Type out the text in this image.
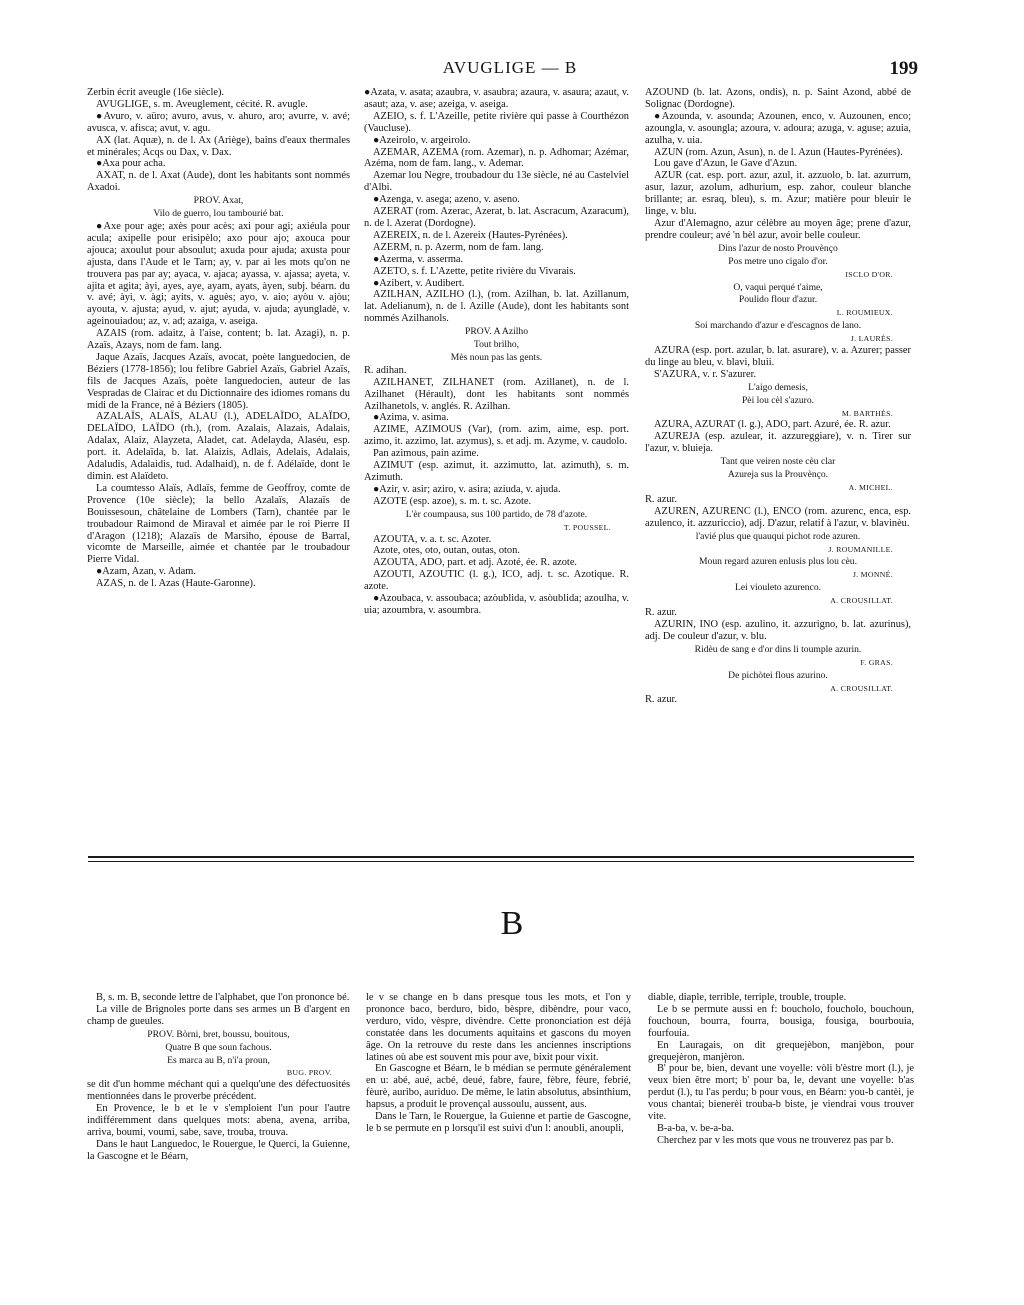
AVUGLIGE — B	199

Zerbin écrit aveugle (16e siècle).

AVUGLIGE, s. m. Aveuglement, cécité. R. avugle.

●Avuro, v. aüro; avuro, avus, v. ahuro, aro; avurre, v. avé; avusca, v. afisca; avut, v. agu.

AX (lat. Aquæ), n. de l. Ax (Ariège), bains d'eaux thermales et minérales; Acqs ou Dax, v. Dax.

●Axa pour acha.

AXAT, n. de l. Axat (Aude), dont les habitants sont nommés Axadoi.

PROV. Axat,

Vilo de guerro, lou tambourié bat.

●Axe pour age; axès pour acès; axi pour agi; axiéula pour acula; axipelle pour erisipèlo; axo pour ajo; axouca pour ajouca; axoulut pour absoulut; axuda pour ajuda; axusta pour ajusta, dans l'Aude et le Tarn; ay, v. par ai les mots qu'on ne trouvera pas par ay; ayaca, v. ajaca; ayassa, v. ajassa; ayeta, v. ajita et agita; àyi, ayes, aye, ayam, ayats, àyen, subj. béarn. du v. avé; àyi, v. àgi; ayits, v. aguès; ayo, v. aio; ayòu v. ajòu; ayouta, v. ajusta; ayud, v. ajut; ayuda, v. ajuda; ayungladè, v. ageinouiadou; az, v. ad; azaiga, v. aseiga.

AZAIS (rom. adaitz, à l'aise, content; b. lat. Azagi), n. p. Azaïs, Azays, nom de fam. lang.

Jaque Azaïs, Jacques Azaïs, avocat, poète languedocien, de Béziers (1778-1856); lou felibre Gabriel Azaïs, Gabriel Azaïs, fils de Jacques Azaïs, poète languedocien, auteur de las Vespradas de Clairac et du Dictionnaire des idiomes romans du midi de la France, né à Béziers (1805).

AZALAÏS, ALAÏS, ALAU (l.), ADELAÏDO, ALAÏDO, DELAÏDO, LAÏDO (rh.), (rom. Azalais, Alazais, Adalais, Adalax, Alaiz, Alayzeta, Aladet, cat. Adelayda, Alaséu, esp. port. it. Adelaïda, b. lat. Alaizis, Adlais, Adelais, Adalais, Adaludis, Adalaidis, tud. Adalhaid), n. de f. Adélaïde, dont le dimin. est Alaïdeto.

La coumtesso Alaïs, Adlaïs, femme de Geoffroy, comte de Provence (10e siècle); la bello Azalaïs, Alazaïs de Bouissesoun, châtelaine de Lombers (Tarn), chantée par le troubadour Raimond de Miraval et aimée par le roi Pierre II d'Aragon (1218); Alazaïs de Marsiho, épouse de Barral, vicomte de Marseille, aimée et chantée par le troubadour Pierre Vidal.

●Azam, Azan, v. Adam.

AZAS, n. de l. Azas (Haute-Garonne).

●Azata, v. asata; azaubra, v. asaubra; azaura, v. asaura; azaut, v. asaut; aza, v. ase; azeiga, v. aseiga.

AZEIO, s. f. L'Azeille, petite rivière qui passe à Courthézon (Vaucluse).

●Azeirolo, v. argeirolo.

AZEMAR, AZEMA (rom. Azemar), n. p. Adhomar; Azémar, Azéma, nom de fam. lang., v. Ademar.

Azemar lou Negre, troubadour du 13e siècle, né au Castelviel d'Albi.

●Azenga, v. asega; azeno, v. aseno.

AZERAT (rom. Azerac, Azerat, b. lat. Ascracum, Azaracum), n. de l. Azerat (Dordogne).

AZEREIX, n. de l. Azereix (Hautes-Pyrénées).

AZERM, n. p. Azerm, nom de fam. lang.

●Azerma, v. asserma.

AZETO, s. f. L'Azette, petite rivière du Vivarais.

●Azibert, v. Audibert.

AZILHAN, AZILHO (l.), (rom. Azilhan, b. lat. Azillanum, lat. Adelianum), n. de l. Azille (Aude), dont les habitants sont nommés Azilhanols.

PROV. A Azilho

Tout brilho,

Mès noun pas las gents.

R. adihan.

AZILHANET, ZILHANET (rom. Azillanet), n. de l. Azilhanet (Hérault), dont les habitants sont nommés Azilhanetols, v. anglés. R. Azilhan.

●Azima, v. asima.

AZIME, AZIMOUS (Var), (rom. azim, aime, esp. port. azimo, it. azzimo, lat. azymus), s. et adj. m. Azyme, v. caudolo.

Pan azimous, pain azime.

AZIMUT (esp. azimut, it. azzimutto, lat. azimuth), s. m. Azimuth.

●Azir, v. asir; aziro, v. asira; aziuda, v. ajuda.

AZOTE (esp. azoe), s. m. t. sc. Azote.

L'èr coumpausa, sus 100 partido, de 78 d'azote.

T. POUSSEL.

AZOUTA, v. a. t. sc. Azoter.

Azote, otes, oto, outan, outas, oton.

AZOUTA, ADO, part. et adj. Azoté, ée. R. azote.

AZOUTI, AZOUTIC (l. g.), ICO, adj. t. sc. Azotique. R. azote.

●Azoubaca, v. assoubaca; azòublida, v. asòublida; azoulha, v. uia; azoumbra, v. asoumbra.

AZOUND (b. lat. Azons, ondis), n. p. Saint Azond, abbé de Solignac (Dordogne).

●Azounda, v. asounda; Azounen, enco, v. Auzounen, enco; azoungla, v. asoungla; azoura, v. adoura; azuga, v. aguse; azuia, azulha, v. uia.

AZUN (rom. Azun, Asun), n. de l. Azun (Hautes-Pyrénées).

Lou gave d'Azun, le Gave d'Azun.

AZUR (cat. esp. port. azur, azul, it. azzuolo, b. lat. azurrum, asur, lazur, azolum, adhurium, esp. zahor, couleur blanche brillante; ar. esraq, bleu), s. m. Azur; matière pour bleuir le linge, v. blu.

Azur d'Alemagno, azur célèbre au moyen âge; prene d'azur, prendre couleur; avé 'n bèl azur, avoir belle couleur.

Dins l'azur de nosto Prouvènço

Pos metre uno cigalo d'or.

ISCLO D'OR.

O, vaqui perqué t'aime,

Poulido flour d'azur.

L. ROUMIEUX.

Soi marchando d'azur e d'escagnos de lano.

J. LAURÈS.

AZURA (esp. port. azular, b. lat. asurare), v. a. Azurer; passer du linge au bleu, v. blavi, bluii.

S'AZURA, v. r. S'azurer.

L'aigo demesis,

Pèi lou cèl s'azuro.

M. BARTHÉS.

AZURA, AZURAT (l. g.), ADO, part. Azuré, ée. R. azur.

AZUREJA (esp. azulear, it. azzureggiare), v. n. Tirer sur l'azur, v. bluieja.

Tant que veiren noste cèu clar

Azureja sus la Prouvènço.

A. MICHEL.

R. azur.

AZUREN, AZURENC (l.), ENCO (rom. azurenc, enca, esp. azulenco, it. azzuriccio), adj. D'azur, relatif à l'azur, v. blavinèu.

l'avié plus que quauqui pichot rode azuren.

J. ROUMANILLE.

Moun regard azuren enlusis plus lou cèu.

J. MONNÉ.

Lei viouleto azurenco.

A. CROUSILLAT.

R. azur.

AZURIN, INO (esp. azulino, it. azzurigno, b. lat. azurinus), adj. De couleur d'azur, v. blu.

Ridèu de sang e d'or dins li toumple azurin.

F. GRAS.

De pichòtei flous azurino.

A. CROUSILLAT.

R. azur.

B

B, s. m. B, seconde lettre de l'alphabet, que l'on prononce bé.

La ville de Brignoles porte dans ses armes un B d'argent en champ de gueules.

PROV. Bòrni, bret, boussu, bouitous,

Quatre B que soun fachous.

Es marca au B, n'i'a proun,

BUG. PROV.

se dit d'un homme méchant qui a quelqu'une des défectuosités mentionnées dans le proverbe précédent.

En Provence, le b et le v s'emploient l'un pour l'autre indifféremment dans quelques mots: abena, avena, arriba, arriva, boumi, voumi, sabe, save, trouba, trouva.

Dans le haut Languedoc, le Rouergue, le Querci, la Guienne, la Gascogne et le Béarn,

le v se change en b dans presque tous les mots, et l'on y prononce baco, berduro, bido, bèspre, dibèndre, pour vaco, verduro, vido, vèspre, divèndre. Cette prononciation est déjà constatée dans les documents aquitains et gascons du moyen âge. On la retrouve du reste dans les anciennes inscriptions latines où abe est souvent mis pour ave, bixit pour vixit.

En Gascogne et Béarn, le b médian se permute généralement en u: abé, aué, acbé, deué, fabre, faure, fèbre, fèure, febrié, fèurè, auribo, auriduo. De même, le latin absolutus, absinthium, hapsus, a produit le provençal aussoulu, aussent, aus.

Dans le Tarn, le Rouergue, la Guienne et partie de Gascogne, le b se permute en p lorsqu'il est suivi d'un l: anoubli, anoupli,

diable, diaple, terrible, terriple, trouble, trouple.

Le b se permute aussi en f: boucholo, foucholo, bouchoun, fouchoun, bourra, fourra, bousiga, fousiga, bourbouia, fourfouia.

En Lauragais, on dit grequejèbon, manjèbon, pour grequejèron, manjèron.

B' pour be, bien, devant une voyelle: vòli b'èstre mort (l.), je veux bien être mort; b' pour ba, le, devant une voyelle: b'as perdut (l.), tu l'as perdu; b pour vous, en Béarn: you-b cantèi, je vous chantai; bienerèi trouba-b biste, je viendrai vous trouver vite.

B-a-ba, v. be-a-ba.

Cherchez par v les mots que vous ne trouverez pas par b.
